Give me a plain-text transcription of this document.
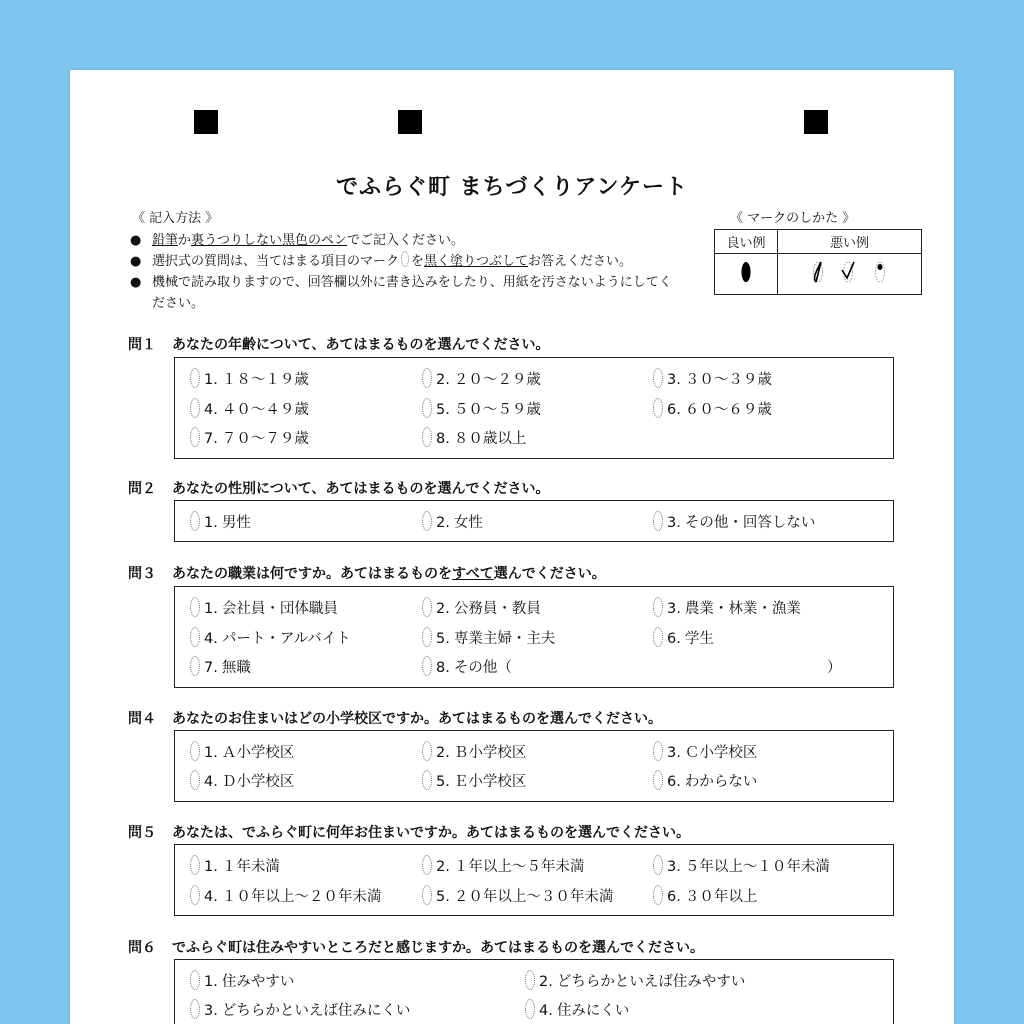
でふらぐ町 まちづくりアンケート
《 記入方法 》
● 鉛筆か裏うつりしない黒色のペンでご記入ください。
● 選択式の質問は、当てはまる項目のマーク を黒く塗りつぶしてお答えください。
● 機械で読み取りますので、回答欄以外に書き込みをしたり、用紙を汚さないようにしてください。
《 マークのしかた 》
良い例	悪い例

問１ あなたの年齢について、あてはまるものを選んでください。
1. １８～１９歳	2. ２０～２９歳	3. ３０～３９歳
4. ４０～４９歳	5. ５０～５９歳	6. ６０～６９歳
7. ７０～７９歳	8. ８０歳以上
問２ あなたの性別について、あてはまるものを選んでください。
1. 男性	2. 女性	3. その他・回答しない
問３ あなたの職業は何ですか。あてはまるものをすべて選んでください。
1. 会社員・団体職員	2. 公務員・教員	3. 農業・林業・漁業
4. パート・アルバイト	5. 専業主婦・主夫	6. 学生
7. 無職	8. その他（	）
問４ あなたのお住まいはどの小学校区ですか。あてはまるものを選んでください。
1. Ａ小学校区	2. Ｂ小学校区	3. Ｃ小学校区
4. Ｄ小学校区	5. Ｅ小学校区	6. わからない
問５ あなたは、でふらぐ町に何年お住まいですか。あてはまるものを選んでください。
1. １年未満	2. １年以上～５年未満	3. ５年以上～１０年未満
4. １０年以上～２０年未満	5. ２０年以上～３０年未満	6. ３０年以上
問６ でふらぐ町は住みやすいところだと感じますか。あてはまるものを選んでください。
1. 住みやすい	2. どちらかといえば住みやすい
3. どちらかといえば住みにくい	4. 住みにくい
